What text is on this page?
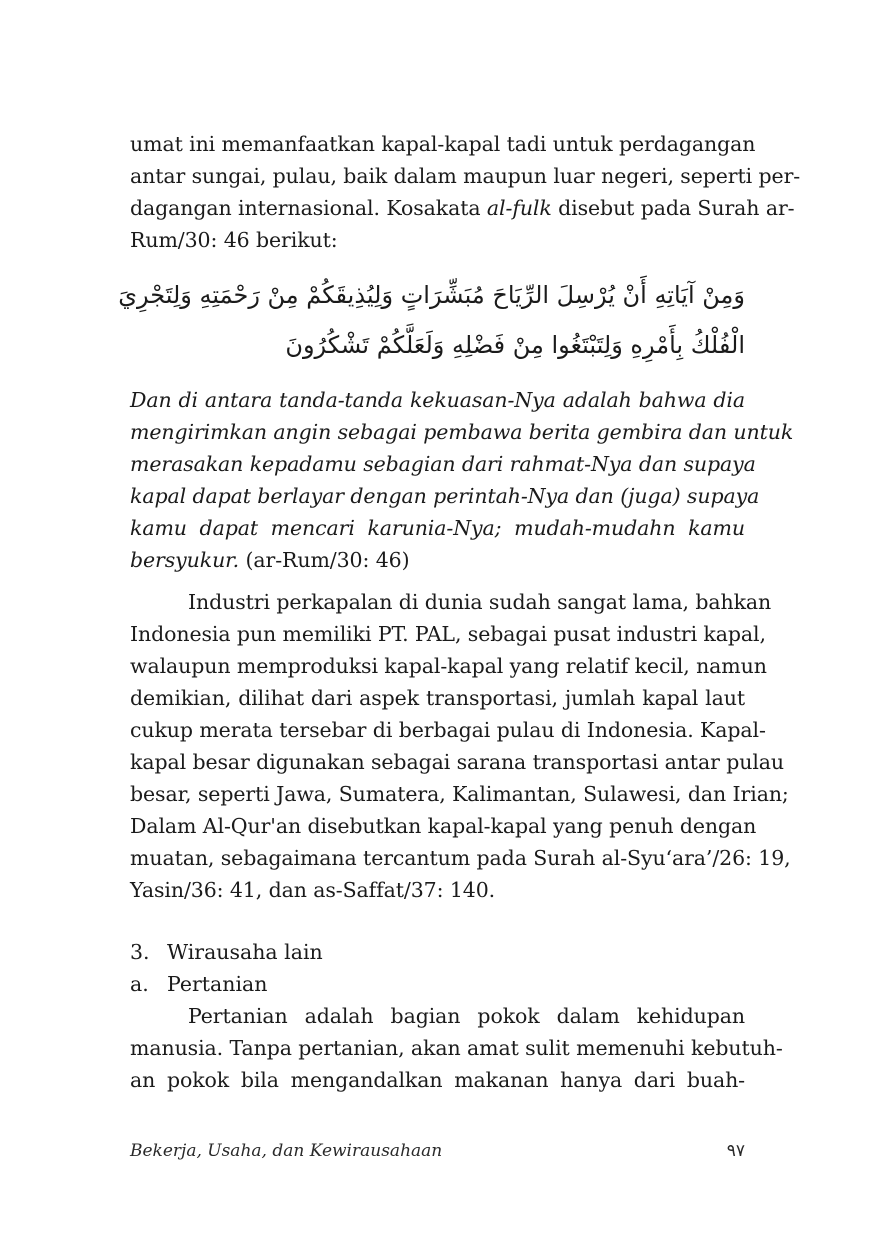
umat ini memanfaatkan kapal-kapal tadi untuk perdagangan
antar sungai, pulau, baik dalam maupun luar negeri, seperti per-
dagangan internasional. Kosakata al-fulk disebut pada Surah ar-
Rum/30: 46 berikut:

وَمِنْ آيَاتِهِ أَنْ يُرْسِلَ الرِّيَاحَ مُبَشِّرَاتٍ وَلِيُذِيقَكُمْ مِنْ رَحْمَتِهِ وَلِتَجْرِيَ
الْفُلْكُ بِأَمْرِهِ وَلِتَبْتَغُوا مِنْ فَضْلِهِ وَلَعَلَّكُمْ تَشْكُرُونَ

Dan di antara tanda-tanda kekuasan-Nya adalah bahwa dia
mengirimkan angin sebagai pembawa berita gembira dan untuk
merasakan kepadamu sebagian dari rahmat-Nya dan supaya
kapal dapat berlayar dengan perintah-Nya dan (juga) supaya
kamu dapat mencari karunia-Nya; mudah-mudahn kamu
bersyukur. (ar-Rum/30: 46)

Industri perkapalan di dunia sudah sangat lama, bahkan
Indonesia pun memiliki PT. PAL, sebagai pusat industri kapal,
walaupun memproduksi kapal-kapal yang relatif kecil, namun
demikian, dilihat dari aspek transportasi, jumlah kapal laut
cukup merata tersebar di berbagai pulau di Indonesia. Kapal-
kapal besar digunakan sebagai sarana transportasi antar pulau
besar, seperti Jawa, Sumatera, Kalimantan, Sulawesi, dan Irian;
Dalam Al-Qur'an disebutkan kapal-kapal yang penuh dengan
muatan, sebagaimana tercantum pada Surah al-Syu‘ara’/26: 19,
Yasin/36: 41, dan as-Saffat/37: 140.

3. Wirausaha lain
a. Pertanian

Pertanian adalah bagian pokok dalam kehidupan
manusia. Tanpa pertanian, akan amat sulit memenuhi kebutuh-
an pokok bila mengandalkan makanan hanya dari buah-

Bekerja, Usaha, dan Kewirausahaan	٩٧
